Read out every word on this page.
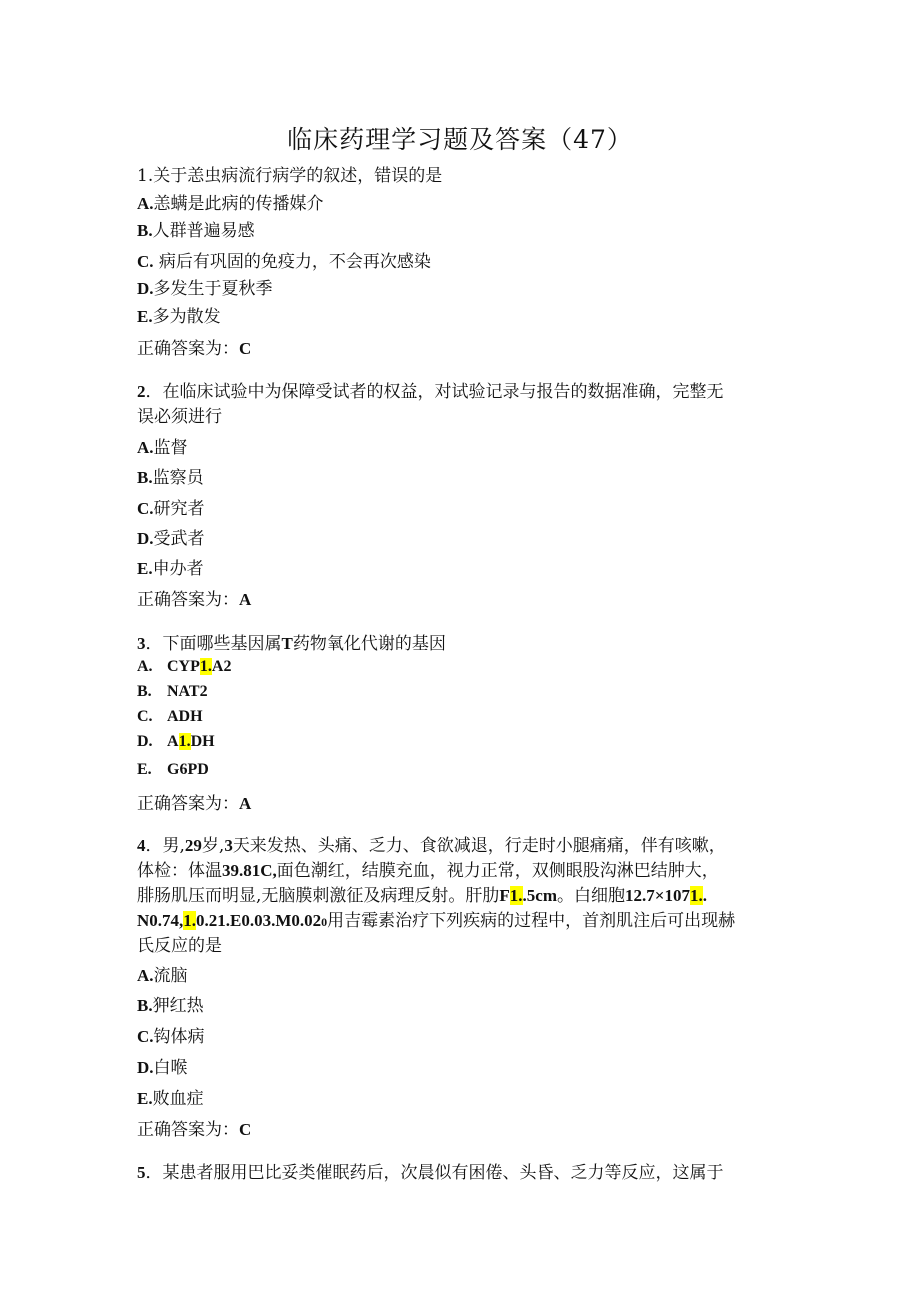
临床药理学习题及答案（47）
1.关于恙虫病流行病学的叙述，错误的是
A.恙螨是此病的传播媒介
B.人群普遍易感
C. 病后有巩固的免疫力，不会再次感染
D.多发生于夏秋季
E.多为散发
正确答案为：C
2．在临床试验中为保障受试者的权益，对试验记录与报告的数据准确，完整无
误必须进行
A.监督
B.监察员
C.研究者
D.受武者
E.申办者
正确答案为：A
3．下面哪些基因属T药物氧化代谢的基因
A. CYP1.A2
B. NAT2
C. ADH
D. A1.DH
E. G6PD
正确答案为：A
4．男,29岁,3天来发热、头痛、乏力、食欲减退，行走时小腿痛痛，伴有咳嗽，
体检：体温39.81C,面色潮红，结膜充血，视力正常，双侧眼股沟淋巴结肿大，
腓肠肌压而明显,无脑膜刺激征及病理反射。肝肋F1..5cm。白细胞12.7×1071..
N0.74,1.0.21.E0.03.M0.020用吉霉素治疗下列疾病的过程中，首剂肌注后可出现赫
氏反应的是
A.流脑
B.狎红热
C.钩体病
D.白喉
E.败血症
正确答案为：C
5．某患者服用巴比妥类催眠药后，次晨似有困倦、头昏、乏力等反应，这属于
